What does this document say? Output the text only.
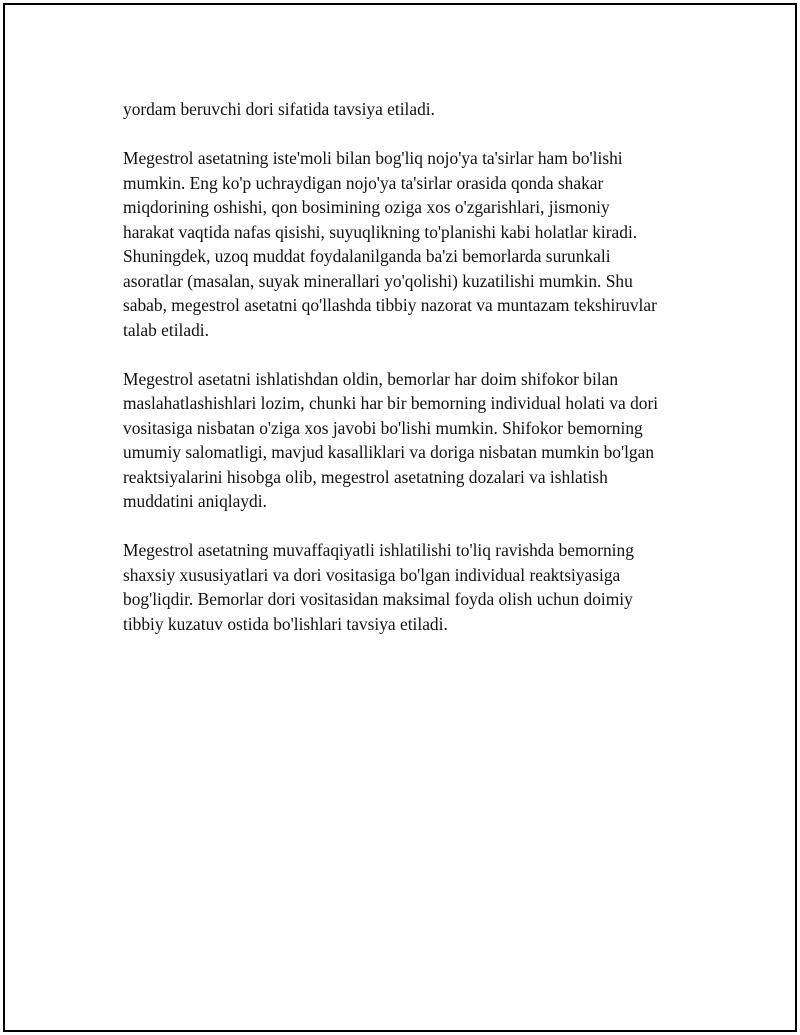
yordam beruvchi dori sifatida tavsiya etiladi.

Megestrol asetatning iste'moli bilan bog'liq nojo'ya ta'sirlar ham bo'lishi
mumkin. Eng ko'p uchraydigan nojo'ya ta'sirlar orasida qonda shakar
miqdorining oshishi, qon bosimining oziga xos o'zgarishlari, jismoniy
harakat vaqtida nafas qisishi, suyuqlikning to'planishi kabi holatlar kiradi.
Shuningdek, uzoq muddat foydalanilganda ba'zi bemorlarda surunkali
asoratlar (masalan, suyak minerallari yo'qolishi) kuzatilishi mumkin. Shu
sabab, megestrol asetatni qo'llashda tibbiy nazorat va muntazam tekshiruvlar
talab etiladi.

Megestrol asetatni ishlatishdan oldin, bemorlar har doim shifokor bilan
maslahatlashishlari lozim, chunki har bir bemorning individual holati va dori
vositasiga nisbatan o'ziga xos javobi bo'lishi mumkin. Shifokor bemorning
umumiy salomatligi, mavjud kasalliklari va doriga nisbatan mumkin bo'lgan
reaktsiyalarini hisobga olib, megestrol asetatning dozalari va ishlatish
muddatini aniqlaydi.

Megestrol asetatning muvaffaqiyatli ishlatilishi to'liq ravishda bemorning
shaxsiy xususiyatlari va dori vositasiga bo'lgan individual reaktsiyasiga
bog'liqdir. Bemorlar dori vositasidan maksimal foyda olish uchun doimiy
tibbiy kuzatuv ostida bo'lishlari tavsiya etiladi.
